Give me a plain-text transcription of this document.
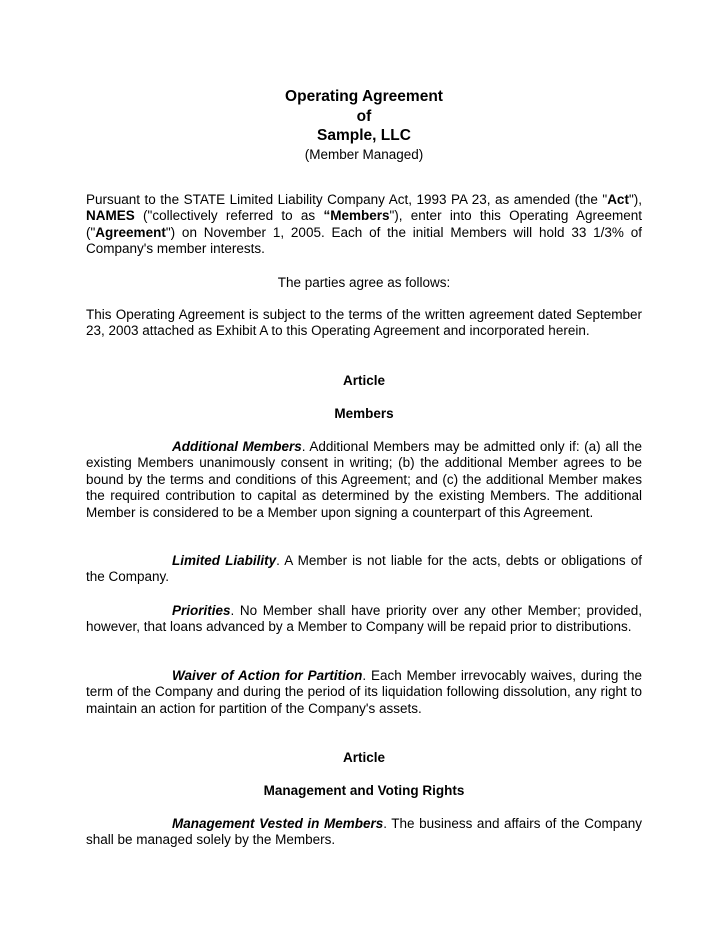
Operating Agreement
of
Sample, LLC
(Member Managed)
Pursuant to the STATE Limited Liability Company Act, 1993 PA 23, as amended (the "Act"), NAMES ("collectively referred to as “Members"), enter into this Operating Agreement ("Agreement") on November 1, 2005. Each of the initial Members will hold 33 1/3% of Company's member interests.
The parties agree as follows:
This Operating Agreement is subject to the terms of the written agreement dated September 23, 2003 attached as Exhibit A to this Operating Agreement and incorporated herein.
Article
Members
Additional Members. Additional Members may be admitted only if: (a) all the existing Members unanimously consent in writing; (b) the additional Member agrees to be bound by the terms and conditions of this Agreement; and (c) the additional Member makes the required contribution to capital as determined by the existing Members. The additional Member is considered to be a Member upon signing a counterpart of this Agreement.
Limited Liability. A Member is not liable for the acts, debts or obligations of the Company.
Priorities. No Member shall have priority over any other Member; provided, however, that loans advanced by a Member to Company will be repaid prior to distributions.
Waiver of Action for Partition. Each Member irrevocably waives, during the term of the Company and during the period of its liquidation following dissolution, any right to maintain an action for partition of the Company's assets.
Article
Management and Voting Rights
Management Vested in Members. The business and affairs of the Company shall be managed solely by the Members.
